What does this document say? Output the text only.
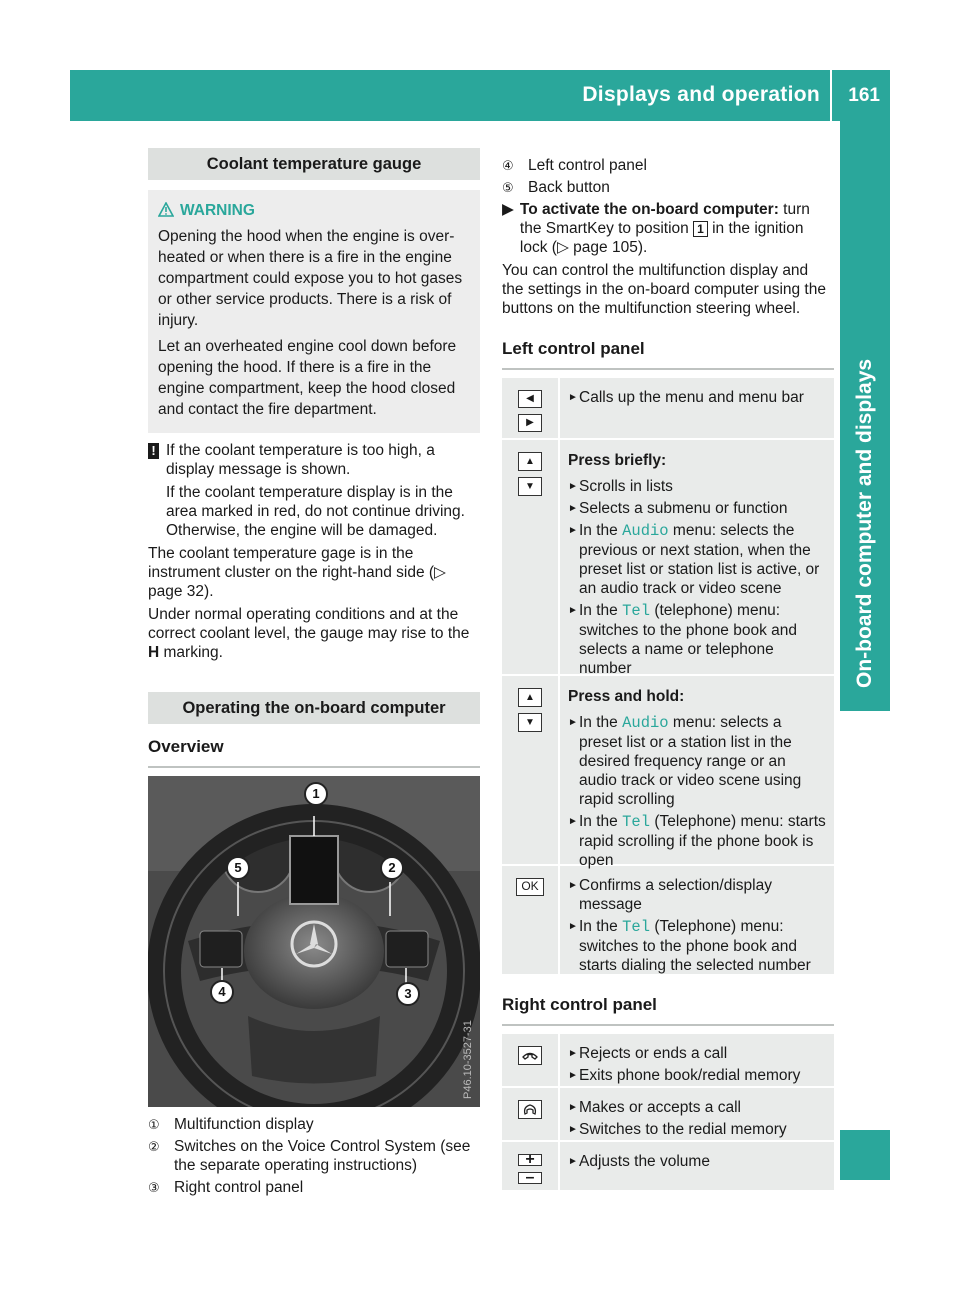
Displays and operation 161
On-board computer and displays
Coolant temperature gauge
WARNING

Opening the hood when the engine is over-heated or when there is a fire in the engine compartment could expose you to hot gases or other service products. There is a risk of injury.

Let an overheated engine cool down before opening the hood. If there is a fire in the engine compartment, keep the hood closed and contact the fire department.

! If the coolant temperature is too high, a display message is shown.

If the coolant temperature display is in the area marked in red, do not continue driving. Otherwise, the engine will be damaged.

The coolant temperature gage is in the instrument cluster on the right-hand side (▷ page 32).

Under normal operating conditions and at the correct coolant level, the gauge may rise to the H marking.

Operating the on-board computer
Overview
1
2
3
4
5
P46.10-3527-31
① Multifunction display
② Switches on the Voice Control System (see the separate operating instructions)
③ Right control panel
④ Left control panel
⑤ Back button
▶ To activate the on-board computer: turn the SmartKey to position 1 in the ignition lock (▷ page 105).

You can control the multifunction display and the settings in the on-board computer using the buttons on the multifunction steering wheel.

Left control panel
◀
▶
► Calls up the menu and menu bar
▲
▼
Press briefly:
► Scrolls in lists
► Selects a submenu or function
► In the Audio menu: selects the previous or next station, when the preset list or station list is active, or an audio track or video scene
► In the Tel (telephone) menu: switches to the phone book and selects a name or telephone number
▲
▼
Press and hold:
► In the Audio menu: selects a preset list or a station list in the desired frequency range or an audio track or video scene using rapid scrolling
► In the Tel (Telephone) menu: starts rapid scrolling if the phone book is open
OK	► Confirms a selection/display message
► In the Tel (Telephone) menu: switches to the phone book and starts dialing the selected number
Right control panel
► Rejects or ends a call
► Exits phone book/redial memory
► Makes or accepts a call
► Switches to the redial memory
+
–
► Adjusts the volume
